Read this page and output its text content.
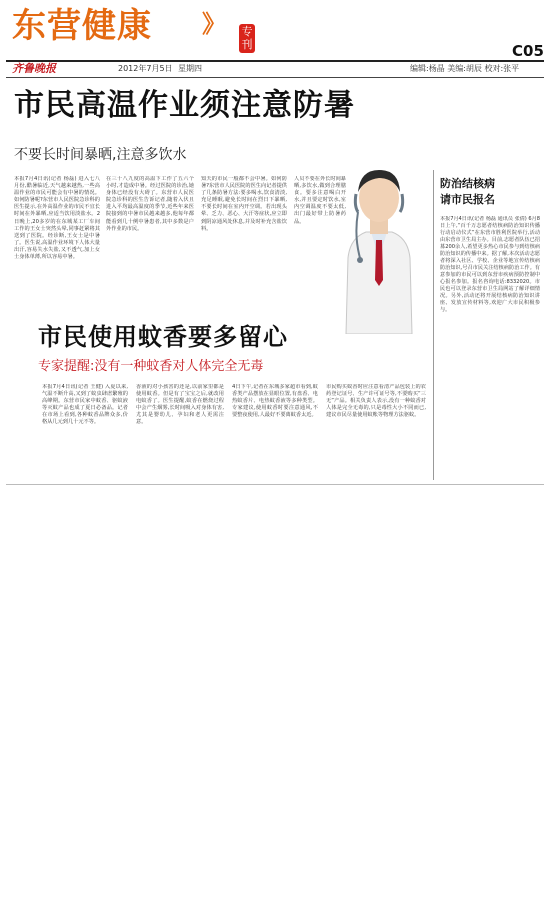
东营健康 》 专刊
齐鲁晚报	2012年7月5日 星期四	编辑:杨晶 美编:胡辰 校对:张平
C05
市民高温作业须注意防暑
不要长时间暴晒,注意多饮水
本报7月4日讯(记者 杨磊) 进入七八月份,酷暑临近,天气越来越热,一些高温作业的市民可能会有中暑的情况。如何防暑呢?东营市人民医院急诊科的医生提示,在外高温作业的市民不宜长时间在外暴晒,应适当饮用淡盐水。2日晚上,20多岁的在东城某工厂车间工作的王女士突然头晕,同事赶紧将其送到了医院。经诊断,王女士是中暑了。医生说,高温作业环境下人体大量出汗,容易失水失盐,又不透气,加上女士身体单薄,所以容易中暑。
在三十八九度的高温下工作了五六个小时,才造成中暑。经过医院的诊治,她身体已经没有大碍了。东营市人民医院急诊科的医生告诉记者,随着入伏且进入平均最高温度的季节,近些年来医院接到的中暑市民越来越多,他每年都能看到几十例中暑患者,其中多数是户外作业的市民。
知天的市民一般都不会中暑。如何防暑?东营市人民医院的医生向记者提供了几条防暑方法:要多喝水,饮食清淡,充足睡眠,避免长时间在烈日下暴晒,不要长时间在室内开空调。若出现头晕、乏力、恶心、大汗等症状,应立即到阴凉通风处休息,并及时补充含盐饮料。
人员不要在外长时间暴晒,多饮水,做到合理膳食。要多注意喝白开水,并且要定时饮水,室内空调温度不要太低,出门最好带上防暑药品。
防治结核病
请市民报名
本报7月4日讯(记者 杨磊 通讯员 张倩) 6月8日上午,“百千万志愿者结核病防治知识传播行动启动仪式”在东营市胜利医院举行,活动由东营市卫生局主办。目前,志愿者队伍已招募200余人,希望更多热心市民参与到结核病防治知识的传播中来。据了解,本次活动志愿者将深入社区、学校、企业等地宣传结核病防治知识,号召市民关注结核病防治工作。有意参加的市民可以到东营市疾病预防控制中心报名参加。报名咨询电话:8332020。市民也可以登录东营市卫生局网站了解详细情况。另外,活动还将开展结核病防治知识讲座、发放宣传材料等,欢迎广大市民积极参与。
市民使用蚊香要多留心
专家提醒:没有一种蚊香对人体完全无毒
本报7月4日讯(记者 王健) 入夏以来,气温不断升高,又到了蚊虫肆虐繁殖的高峰期。东营市民家中蚊香、驱蚊液等灭蚊产品也成了夏日必备品。记者在市场上看到,各种蚊香品牌众多,价格从几元到几十元不等。
香液的对小孩害的还是,以前家里都是使用蚊香。但是有了宝宝之后,就改用电蚊香了。医生提醒,蚊香在燃烧过程中会产生烟雾,长时间吸入对身体有害,尤其是婴幼儿、孕妇和老人更需注意。
4日下午,记者在东城多家超市看到,蚊香类产品摆放在显眼位置,有盘香、电热蚊香片、电热蚊香液等多种类型。专家建议,使用蚊香时要注意通风,不要整夜使用,人最好不要离蚊香太近。
市民购买蚊香时应注意看清产品包装上的农药登记证号、生产许可证号等,不要购买“三无”产品。相关负责人表示,没有一种蚊香对人体是完全无毒的,只是毒性大小不同而已,建议市民尽量使用蚊帐等物理方法驱蚊。
